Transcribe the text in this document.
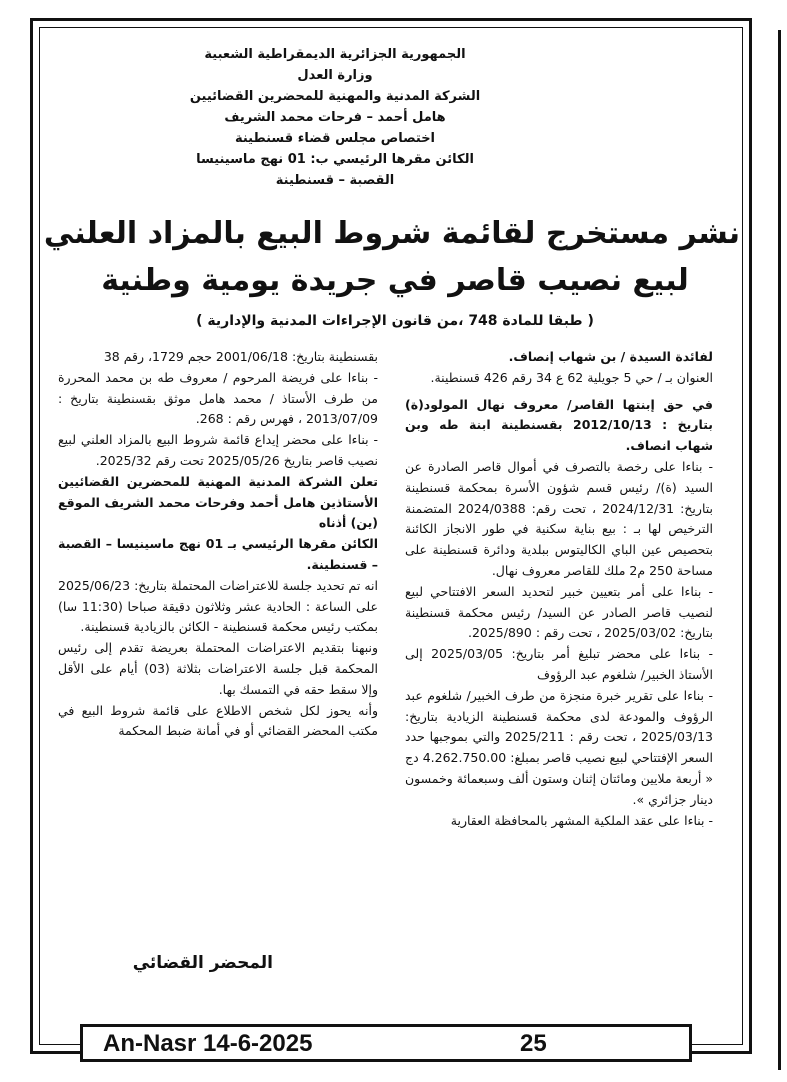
الجمهورية الجزائرية الديمقراطية الشعبية
وزارة العدل
الشركة المدنية والمهنية للمحضرين القضائيين
هامل أحمد – فرحات محمد الشريف
اختصاص مجلس قضاء قسنطينة
الكائن مقرها الرئيسي ب: 01 نهج ماسينيسا
القصبة – قسنطينة
نشر مستخرج لقائمة شروط البيع بالمزاد العلني
لبيع نصيب قاصر في جريدة يومية وطنية
( طبقا للمادة 748 ،من قانون الإجراءات المدنية والإدارية )

لفائدة السيدة / بن شهاب إنصاف.

العنوان بـ / حي 5 جويلية 62 ع 34 رقم 426 قسنطينة.

في حق إبنتها القاصر/ معروف نهال المولود(ة) بتاريخ : 2012/10/13 بقسنطينة ابنة طه وبن شهاب انصاف.

- بناءا على رخصة بالتصرف في أموال قاصر الصادرة عن السيد (ة)/ رئيس قسم شؤون الأسرة بمحكمة قسنطينة بتاريخ: 2024/12/31 ، تحت رقم: 2024/0388 المتضمنة الترخيص لها بـ : بيع بناية سكنية في طور الانجاز الكائنة بتحصيص عين الباي الكاليتوس ببلدية ودائرة قسنطينة على مساحة 250 م2 ملك للقاصر معروف نهال.

- بناءا على أمر بتعيين خبير لتحديد السعر الافتتاحي لبيع لنصيب قاصر الصادر عن السيد/ رئيس محكمة قسنطينة بتاريخ: 2025/03/02 ، تحت رقم : 2025/890.

- بناءا على محضر تبليغ أمر بتاريخ: 2025/03/05 إلى الأستاذ الخبير/ شلغوم عبد الرؤوف

- بناءا على تقرير خبرة منجزة من طرف الخبير/ شلغوم عبد الرؤوف والمودعة لدى محكمة قسنطينة الزيادية بتاريخ: 2025/03/13 ، تحت رقم : 2025/211 والتي بموجبها حدد السعر الإفتتاحي لبيع نصيب قاصر بمبلغ: 4.262.750.00 دج « أربعة ملايين ومائتان إثنان وستون ألف وسبعمائة وخمسون دينار جزائري ».

- بناءا على عقد الملكية المشهر بالمحافظة العقارية

بقسنطينة بتاريخ: 2001/06/18 حجم 1729، رقم 38

- بناءا على فريضة المرحوم / معروف طه بن محمد المحررة من طرف الأستاذ / محمد هامل موثق بقسنطينة بتاريخ : 2013/07/09 ، فهرس رقم : 268.

- بناءا على محضر إيداع قائمة شروط البيع بالمزاد العلني لبيع نصيب قاصر بتاريخ 2025/05/26 تحت رقم 2025/32.

تعلن الشركة المدنية المهنية للمحضرين القضائيين الأستاذين هامل أحمد وفرحات محمد الشريف الموقع (ين) أذناه

الكائن مقرها الرئيسي بـ 01 نهج ماسينيسا – القصبة – قسنطينة.

انه تم تحديد جلسة للاعتراضات المحتملة بتاريخ: 2025/06/23 على الساعة : الحادية عشر وثلاثون دقيقة صباحا (11:30 سا) بمكتب رئيس محكمة قسنطينة - الكائن بالزيادية قسنطينة.

ونبهنا بتقديم الاعتراضات المحتملة بعريضة تقدم إلى رئيس المحكمة قبل جلسة الاعتراضات بثلاثة (03) أيام على الأقل وإلا سقط حقه في التمسك بها.

وأنه يحوز لكل شخص الاطلاع على قائمة شروط البيع في مكتب المحضر القضائي أو في أمانة ضبط المحكمة

المحضر القضائي
An-Nasr 14-6-2025	25
